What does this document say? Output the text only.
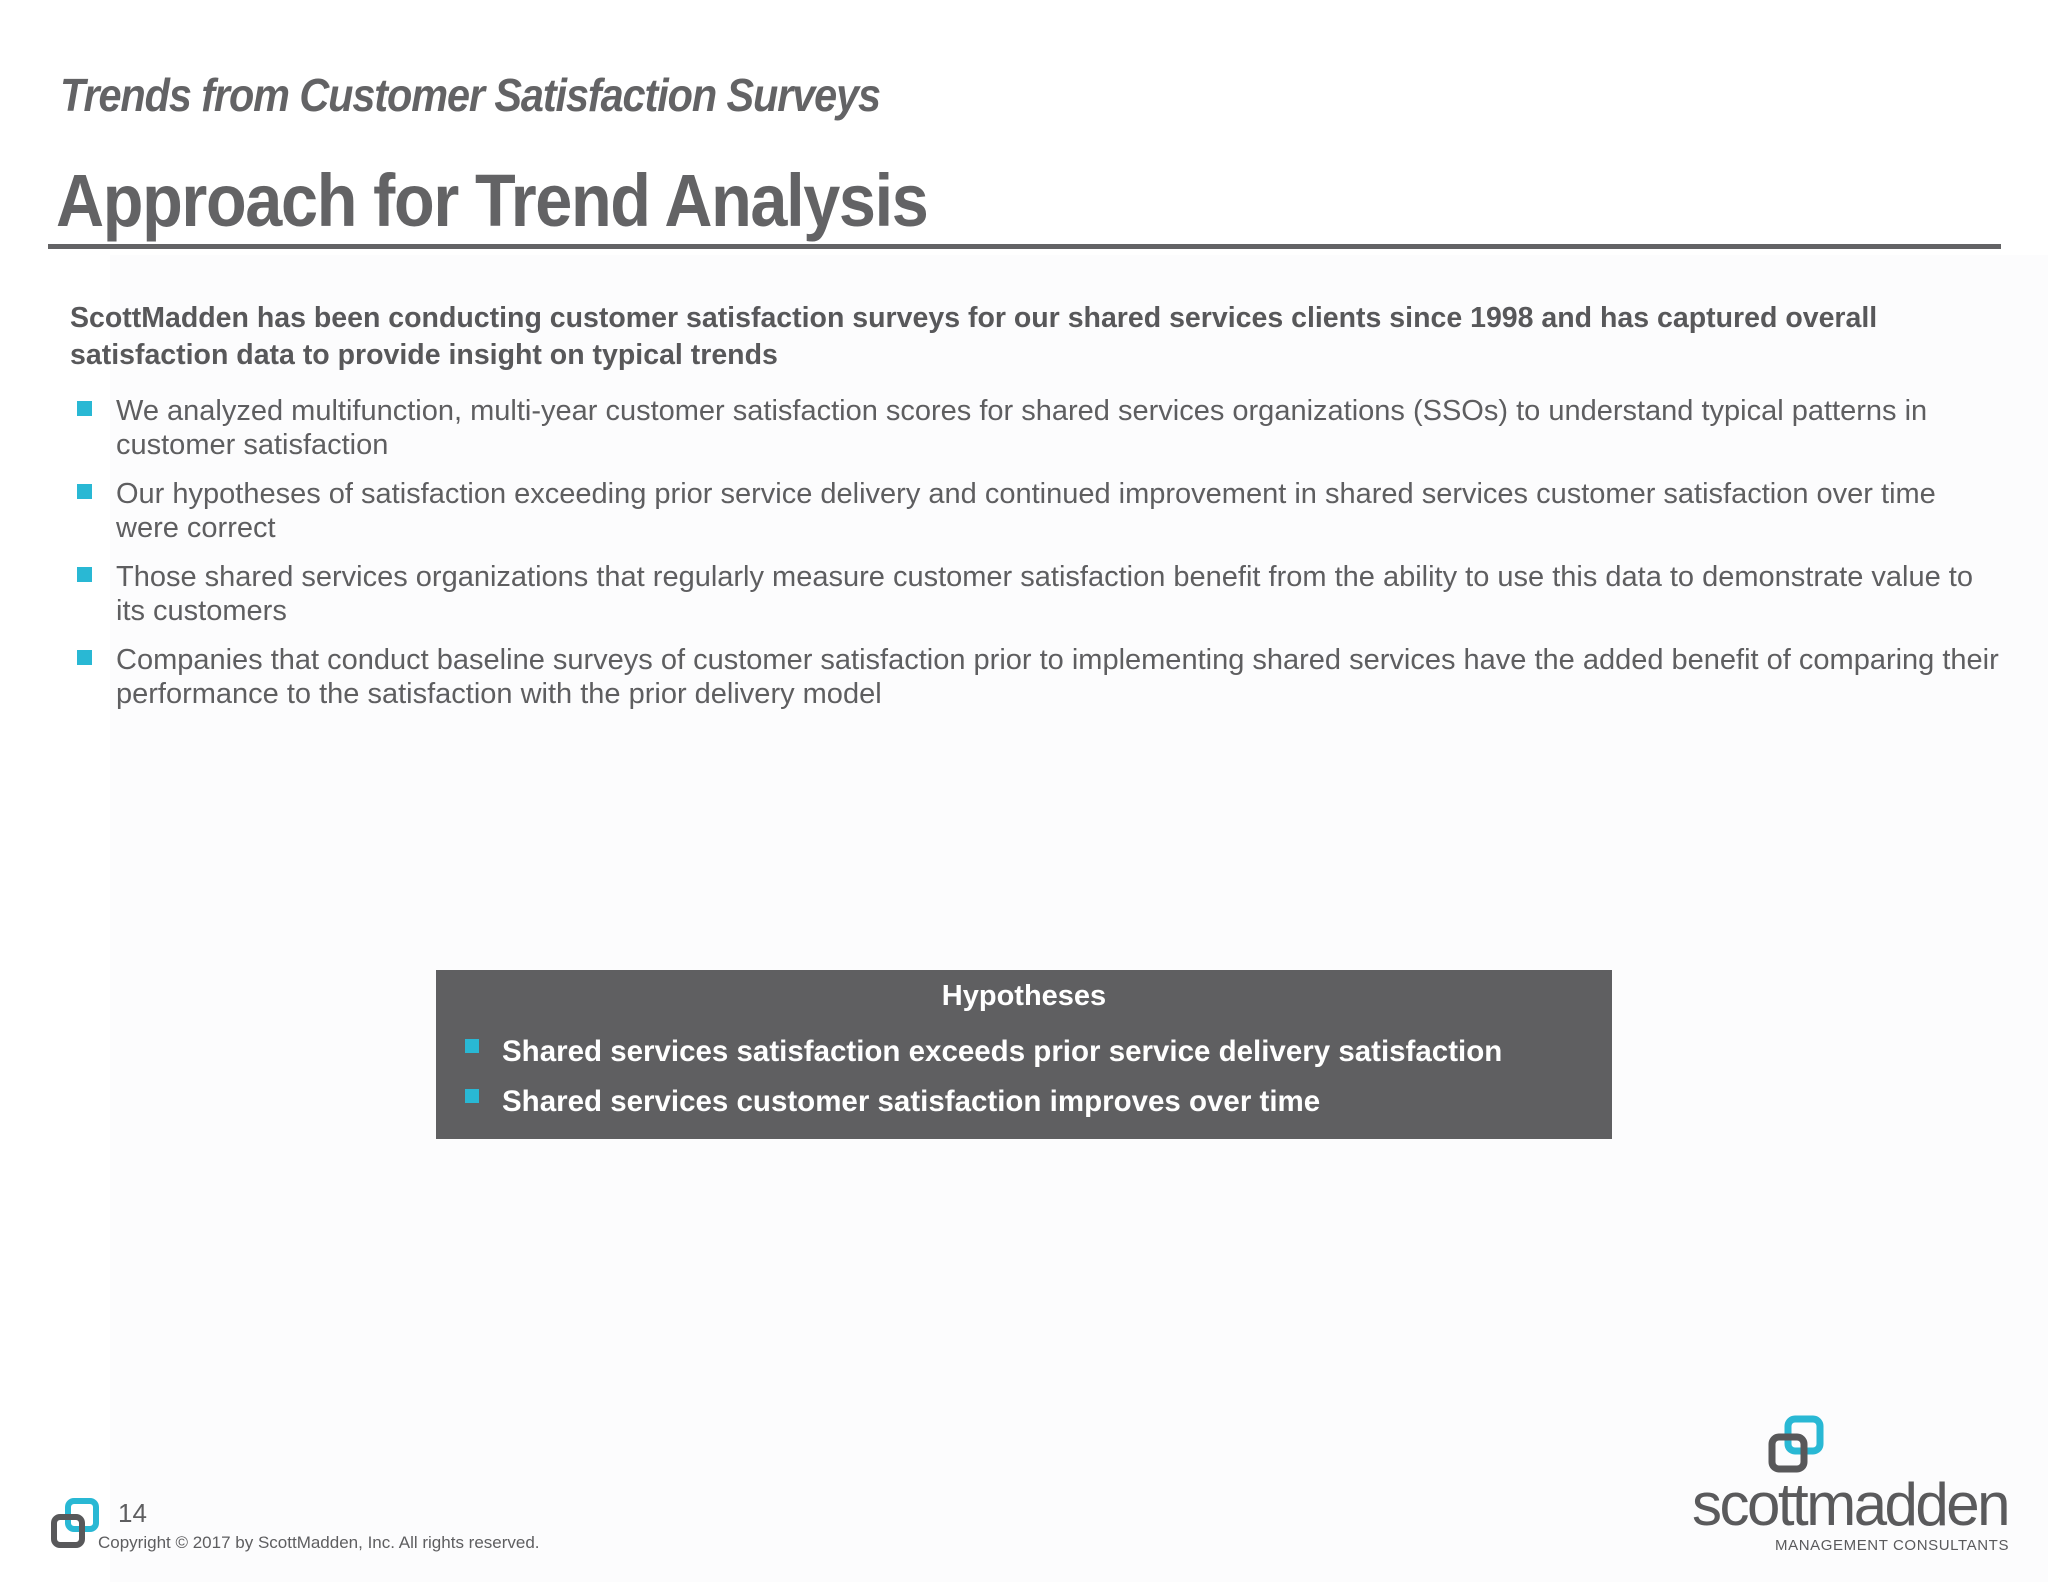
Trends from Customer Satisfaction Surveys
Approach for Trend Analysis
ScottMadden has been conducting customer satisfaction surveys for our shared services clients since 1998 and has captured overall satisfaction data to provide insight on typical trends
We analyzed multifunction, multi-year customer satisfaction scores for shared services organizations (SSOs) to understand typical patterns in customer satisfaction
Our hypotheses of satisfaction exceeding prior service delivery and continued improvement in shared services customer satisfaction over time were correct
Those shared services organizations that regularly measure customer satisfaction benefit from the ability to use this data to demonstrate value to its customers
Companies that conduct baseline surveys of customer satisfaction prior to implementing shared services have the added benefit of comparing their performance to the satisfaction with the prior delivery model
Hypotheses
Shared services satisfaction exceeds prior service delivery satisfaction
Shared services customer satisfaction improves over time
14
Copyright © 2017 by ScottMadden, Inc. All rights reserved.
scottmadden
MANAGEMENT CONSULTANTS
